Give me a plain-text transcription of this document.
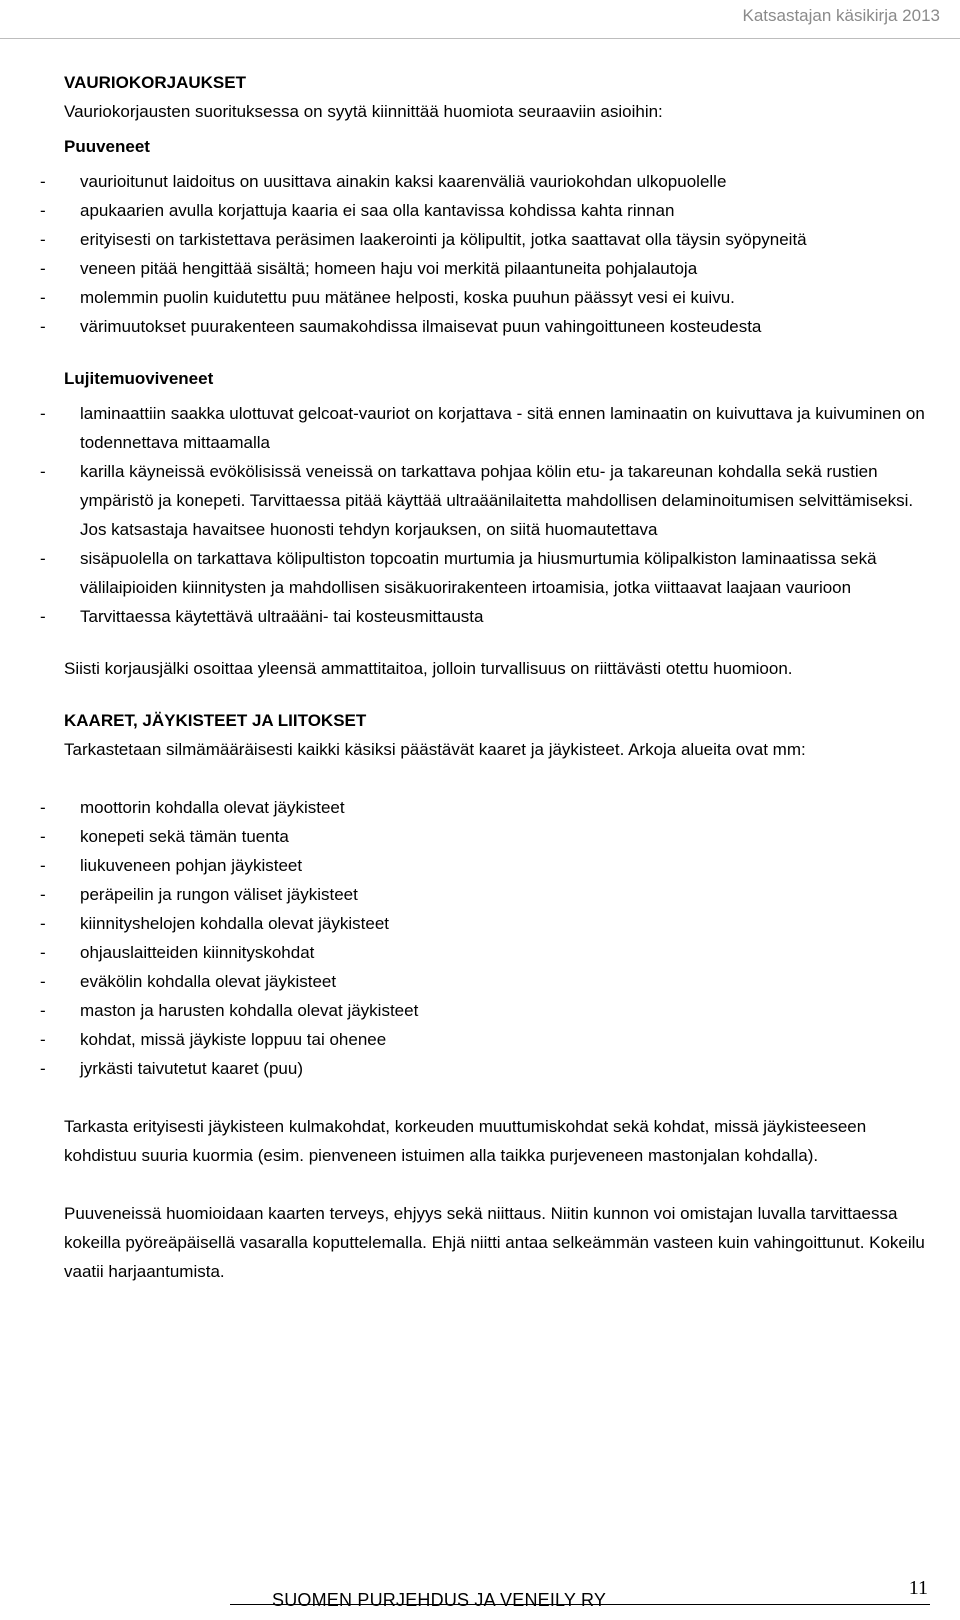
Katsastajan käsikirja 2013
VAURIOKORJAUKSET
Vauriokorjausten suorituksessa on syytä kiinnittää huomiota seuraaviin asioihin:
Puuveneet
- vaurioitunut laidoitus on uusittava ainakin kaksi kaarenväliä vauriokohdan ulkopuolelle
- apukaarien avulla korjattuja kaaria ei saa olla kantavissa kohdissa kahta rinnan
- erityisesti on tarkistettava peräsimen laakerointi ja kölipultit, jotka saattavat olla täysin syöpyneitä
- veneen pitää hengittää sisältä; homeen haju voi merkitä pilaantuneita pohjalautoja
- molemmin puolin kuidutettu puu mätänee helposti, koska puuhun päässyt vesi ei kuivu.
- värimuutokset puurakenteen saumakohdissa ilmaisevat puun vahingoittuneen kosteudesta
Lujitemuoviveneet
- laminaattiin saakka ulottuvat gelcoat-vauriot on korjattava - sitä ennen laminaatin on kuivuttava ja kuivuminen on todennettava mittaamalla
- karilla käyneissä evökölisissä veneissä on tarkattava pohjaa kölin etu- ja takareunan kohdalla sekä rustien ympäristö ja konepeti. Tarvittaessa pitää käyttää ultraäänilaitetta mahdollisen delaminoitumisen selvittämiseksi. Jos katsastaja havaitsee huonosti tehdyn korjauksen, on siitä huomautettava
- sisäpuolella on tarkattava kölipultiston topcoatin murtumia ja hiusmurtumia kölipalkiston laminaatissa sekä välilaipioiden kiinnitysten ja mahdollisen sisäkuorirakenteen irtoamisia, jotka viittaavat laajaan vaurioon
- Tarvittaessa käytettävä ultraääni- tai kosteusmittausta
Siisti korjausjälki osoittaa yleensä ammattitaitoa, jolloin turvallisuus on riittävästi otettu huomioon.
KAARET, JÄYKISTEET JA LIITOKSET
Tarkastetaan silmämääräisesti kaikki käsiksi päästävät kaaret ja jäykisteet. Arkoja alueita ovat mm:
- moottorin kohdalla olevat jäykisteet
- konepeti sekä tämän tuenta
- liukuveneen pohjan jäykisteet
- peräpeilin ja rungon väliset jäykisteet
- kiinnityshelojen kohdalla olevat jäykisteet
- ohjauslaitteiden kiinnityskohdat
- eväkölin kohdalla olevat jäykisteet
- maston ja harusten kohdalla olevat jäykisteet
- kohdat, missä jäykiste loppuu tai ohenee
- jyrkästi taivutetut kaaret (puu)
Tarkasta erityisesti jäykisteen kulmakohdat, korkeuden muuttumiskohdat sekä kohdat, missä jäykisteeseen kohdistuu suuria kuormia (esim. pienveneen istuimen alla taikka purjeveneen mastonjalan kohdalla).
Puuveneissä huomioidaan kaarten terveys, ehjyys sekä niittaus. Niitin kunnon voi omistajan luvalla tarvittaessa kokeilla pyöreäpäisellä vasaralla koputtelemalla. Ehjä niitti antaa selkeämmän vasteen kuin vahingoittunut. Kokeilu vaatii harjaantumista.
SUOMEN PURJEHDUS JA VENEILY RY
11
